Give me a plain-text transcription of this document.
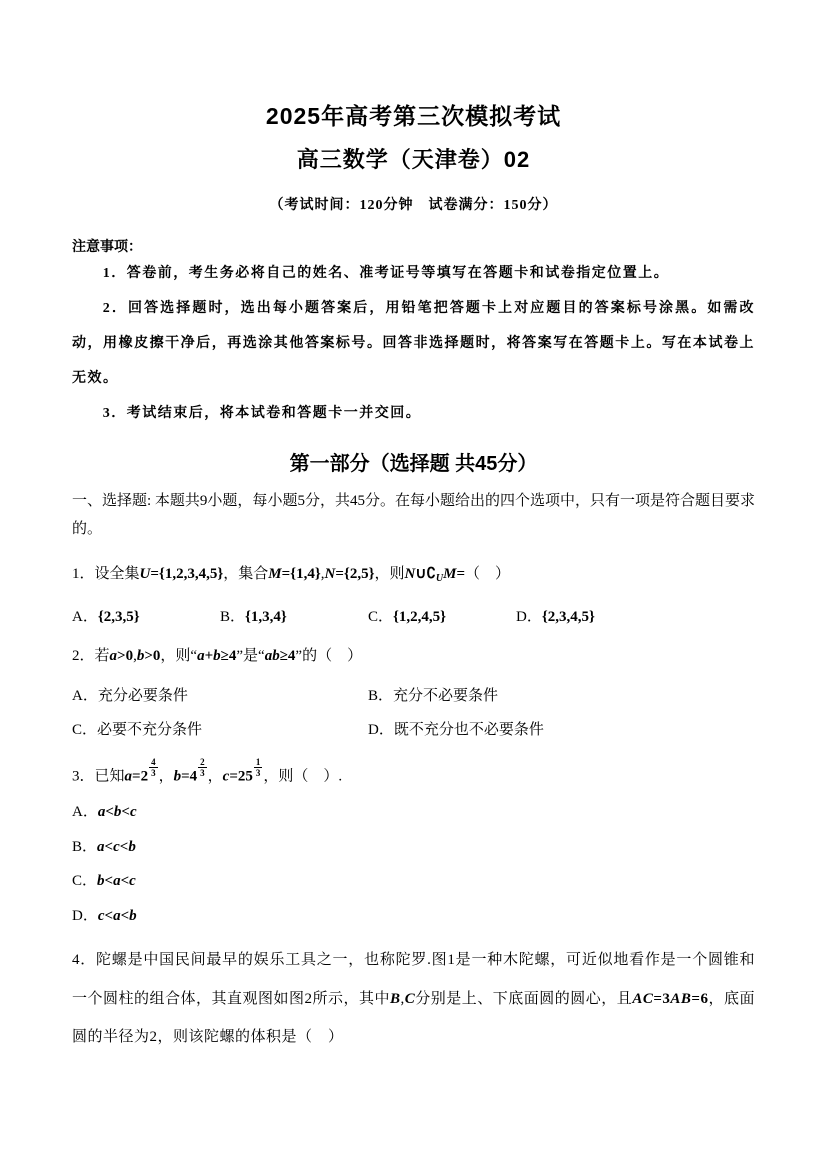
2025年高考第三次模拟考试
高三数学（天津卷）02
（考试时间：120分钟　试卷满分：150分）
注意事项：

1．答卷前，考生务必将自己的姓名、准考证号等填写在答题卡和试卷指定位置上。

2．回答选择题时，选出每小题答案后，用铅笔把答题卡上对应题目的答案标号涂黑。如需改动，用橡皮擦干净后，再选涂其他答案标号。回答非选择题时，将答案写在答题卡上。写在本试卷上无效。

3．考试结束后，将本试卷和答题卡一并交回。

第一部分（选择题 共45分）

一、选择题: 本题共9小题，每小题5分，共45分。在每小题给出的四个选项中，只有一项是符合题目要求的。

1．设全集U={1,2,3,4,5}，集合M={1,4},N={2,5}，则$N\cup∁_UM=$（　）

A．{2,3,5}	B．{1,3,4}	C．{1,2,4,5}	D．{2,3,4,5}

2．若a>0,b>0，则“a+b≥4”是“ab≥4”的（　）

A．充分必要条件	B．充分不必要条件
C．必要不充分条件	D．既不充分也不必要条件

3．已知$a=2 \frac{4}{3}$ ，$b=4 \frac{2}{3}$ ，$c=25 \frac{1}{3}$ ，则（　）.

A．a<b<c

B．a<c<b

C．b<a<c

D．c<a<b

4．陀螺是中国民间最早的娱乐工具之一，也称陀罗.图1是一种木陀螺，可近似地看作是一个圆锥和一个圆柱的组合体，其直观图如图2所示，其中B,C分别是上、下底面圆的圆心，且AC=3AB=6，底面圆的半径为2，则该陀螺的体积是（　）
